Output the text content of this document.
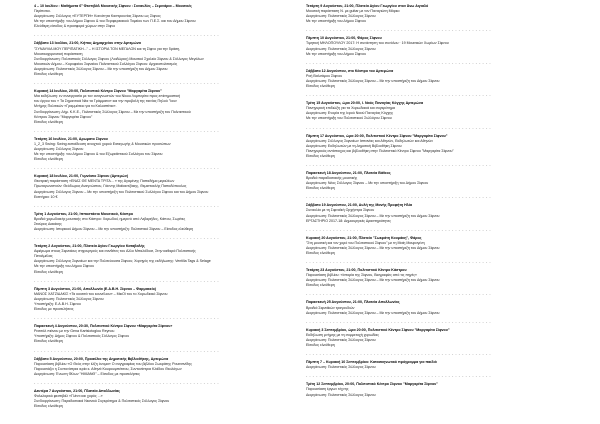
4 – 10 Ιουλίου : Μαθήματα 6° Φεστιβάλ Μουσικής Σίφνου : Συναυλίες – Σεμινάρια – Μουσικές
Περίπατοι.
Διοργάνωση: Σύλλογος «ΕΥΤΕΡΠΗ» Κοινότητα Καστρουνίας Σίφνου ως Σίφνος
Με την υποστήριξη: του Δήμου Σίφνου & του Περιφερειακού Ταμείου των Π.Ε.Σ. και του Δήμου Σίφνου
Ελεύθερη είσοδος & προσφορά χώρων στην Σίφνο
- - - - - - - - - - - - - - - - - - - - - - - - - - - - - - - - - - - - - - - - - - - - - - - - - - - - - - -
Σάββατο 13 Ιουλίου, 21:00, Κήπος Δημαρχείου στην Αρτεμώνα
"ΣΥΝΑΥΛΙΑ ΜΟΥ ΠΕΡΙΠΑΤΙΚΗ..." – Η ΙΣΤΟΡΙΑ ΤΟΝ ΜΕΓΑΛΟΝ και τη Σίφνο για την δράση,
Μουσικοχορευτική παράσταση
Συνδιοργάνωση: Πολιτιστικός Σύλλογος Σίφνου (Λοιδώρας) Μουσικό Σχολείο Σίφνου & Σύλλογος Μεγάλων
Μουσικών Δήμου – Κορυφαίου Σιφναίου Πολιτιστικού Συλλόγου Σίφνου: Αρχαιοπολιτισμός
Διοργάνωση: Πολιτιστικός Σύλλογος Σίφνου – Με την υποστήριξη του Δήμου Σίφνου
Είσοδος ελεύθερη
- - - - - - - - - - - - - - - - - - - - - - - - - - - - - - - - - - - - - - - - - - - - - - - - - - - - - - -
Κυριακή 14 Ιουλίου, 20:00, Πολιτιστικό Κέντρο Σίφνου "Μαργαρίτα Σίφνου"
Μια εκδήλωση: εν συνεργασία με τον αναγνωστών του Νίκου Λυμπερίτα προς επίσημοστική
του έργου του « Τα Σημαντικά Νέα τα Γράμματα» και την προβολή της ταινίας Πηλού "Ιουν
Μνήμης Πολιτικών «Γραμμάτειο για τα Καλοσπίτια».
Συνδιοργάνωση: Δήμ. Κ.Κ.Ε., Πολιτιστικός Σύλλογος Σίφνου – Με την υποστήριξη του Πολιτιστικού
Κέντρου Σίφνου "Μαργαρίτα Σίφνου"
Είσοδος ελεύθερη
- - - - - - - - - - - - - - - - - - - - - - - - - - - - - - - - - - - - - - - - - - - - - - - - - - - - - - -
Τετάρτη 16 Ιουλίου, 21:00, Αρωματο Σίφνου
1_2_3 Swing: Swing εκπαίδευση ανοιχτού χορού Εισαγωγής & Μουσικών προσώπων
Διοργάνωση: Σύλλογος Σίφνου
Με την υποστήριξη: του Δήμου Σίφνου & του Εξωραϊστικού Συλλόγου του Σίφνου
Είσοδος ελεύθερη
- - - - - - - - - - - - - - - - - - - - - - - - - - - - - - - - - - - - - - - - - - - - - - - - - - - - - - -
Κυριακή 18 Ιουλίου, 21:00, Γυμνάσιο Σίφνου (Αρτεμών)
Θεατρική παράσταση «ΕΝΑΣ ΘΕ ΜΕΝΤΑ ΤΡΙΤΑ... » της Αγαμένης Παπαδήμα μεραλέων
Πρωταγωνιστούν: Θεόδωρος Αναγνώστου, Γιάννης Μαϊκαντζάκης, Θεμιστοκλής Παπαδόπουλος
Διοργάνωση: Σύλλογος Σίφνου – Με την υποστήριξη του Πολιτιστικού Συλλόγου Σίφνου και του Δήμου Σίφνου
Εισιτήρια: 10 €
- - - - - - - - - - - - - - - - - - - - - - - - - - - - - - - - - - - - - - - - - - - - - - - - - - - - - - -
Τρίτη 1 Αυγούστου, 21:00, Ιπποστάσιο Μουσικού, Κάστρο
Βραδιά χορωδιακής μουσικής στο Κάστρο: Χορωδιοί, ημερινό από Λεβαρήδες, Κάπου, Σωρίτες
Σταύρος Δακάκης
Διοργάνωση: Ιστορικού Δήμου Σίφνου – Με την υποστήριξη: Πολιτιστικό Σίφνου – Είσοδος ελεύθερη
- - - - - - - - - - - - - - - - - - - - - - - - - - - - - - - - - - - - - - - - - - - - - - - - - - - - - - -
Τετάρτη 2 Αυγούστου, 21:00, Πλατεία Αγίου Γεωργίου Καταβαλής
Αφιέρωμα στους Σιφναίους στιχουργούς και συνθέτες του Αλλο Μπαλόδιοσ, Στην καθαρά Πολιτιστικής
Πεταλμέλας
Διοργάνωση: Σύλλογος Σιφναίων και την Πολιτεύουσα Σίφνου; Χορηγός της εκδήλωσης: Ventilia Tags & Selage
Με την υποστήριξη του Δήμου Σίφνου
Είσοδος ελεύθερη
- - - - - - - - - - - - - - - - - - - - - - - - - - - - - - - - - - - - - - - - - - - - - - - - - - - - - - -
Πέμπτη 3 Αυγούστου, 21:00, Απολλωνία (Ε.Α.Β.Η. Σίφνου – Φαρμακείο)
ΜΑΝΟΣ ΧΑΤΖΙΔΑΚΙΣ «Τα κουτσά του κουνέλιου» – ΜικΟί του το Χορωδιακό Σίφνου
Διοργάνωση: Πολιτιστικός Σύλλογος Σίφνου
Υποστήριξη: Ε.Α.Β.Η. Σίφνου
Είσοδος με προσκλήσεις
- - - - - - - - - - - - - - - - - - - - - - - - - - - - - - - - - - - - - - - - - - - - - - - - - - - - - - -
Παρασκευή 4 Αυγούστου, 20:30, Πολιτιστικό Κέντρο Σίφνου «Μαργαρίτα Σίφνου»
Ρεσιτάλ πιάνου με την Gena Kartsiotoglou Reynou
Υποστήριξη: Δήμος Σίφνου & Πολιτιστικός Σύλλογος Σίφνου
Είσοδος ελεύθερη
- - - - - - - - - - - - - - - - - - - - - - - - - - - - - - - - - - - - - - - - - - - - - - - - - - - - - - -
Σάββατο 5 Αυγούστου, 20:00, Προαύλιο της Δημοτικής Βιβλιοθήκης, Αρτεμώνα
Παρουσίαση βιβλίου «Ο Θεός στην έλξη όνομα» Ο συγγραφέας του βιβλίου Σωκράτης Ρουσσινίδης
Παρουσιάζει η Συντονίστρια ιερία κ. Αθηνά Κουρουμπέτσου, Συντονίστρια Κλάδου Θεολόγων
Διοργάνωση: Ένωση Φίλων "ΗΜΙΑΝΘ" – Είσοδος με προσκλήσεις
- - - - - - - - - - - - - - - - - - - - - - - - - - - - - - - - - - - - - - - - - - - - - - - - - - - - - - -
Δευτέρα 7 Αυγούστου, 21:00, Πλατεία Απολλωνίας
Φολκλορικό φεστιβάλ «Γλέντι και χορός ...»
Συνδιοργάνωση: Παραδοσιακά Νεανικό Συγκρότημα & Πολιτιστικός Σύλλογος Σίφνου
Είσοδος ελεύθερη
Τετάρτη 9 Αυγούστου, 21:00, Πλατεία Αγίου Γεωργίου στον Άνω Αιγιαλό
Μουσική παράσταση Ν. με guitar με τον Παναγιώτη Μάρκο
Διοργάνωση: Πολιτιστικός Σύλλογος Σίφνου
Με την υποστήριξη του Δήμου Σίφνου
- - - - - - - - - - - - - - - - - - - - - - - - - - - - - - - - - - - - - - - - - - - - - - - - - - - - - - -
Πέμπτη 10 Αυγούστου, 21:00, Φάρος Σίφνου
Τιμητική ΜΗΛΟΠΟΥΛΟΥ 2017: Η συνάντηση του συνόλου · 19 Μουσικών Χωρίων Σίφνου
Διοργάνωση: Πολιτιστικός Σύλλογος Σίφνου
Με την υποστήριξη του Δήμου Σίφνου
- - - - - - - - - - - - - - - - - - - - - - - - - - - - - - - - - - - - - - - - - - - - - - - - - - - - - - -
Σάββατο 12 Αυγούστου, στο Κάστρο του Αρτεμώνα
Ροή Βαλσάμου Σίφνου
Διοργάνωση: Πολιτιστικός Σύλλογος Σίφνου – Με την υποστήριξη του Δήμου Σίφνου
Είσοδος ελεύθερη
- - - - - - - - - - - - - - - - - - - - - - - - - - - - - - - - - - - - - - - - - - - - - - - - - - - - - - -
Τρίτη 15 Αυγούστου, ώρα 20:00, Ι. Ναός Παναγίας Κόγχης Αρτεμώνα
Πανηγυρική επιδιώξη για τα Χορωδιακά και συγκρότημα
Διοργάνωση: Ενορία της Ιερού Ναού Παναγίας Κόγχης
Με την υποστήριξη του Πολιτιστικού Συλλόγου Σίφνου
- - - - - - - - - - - - - - - - - - - - - - - - - - - - - - - - - - - - - - - - - - - - - - - - - - - - - - -
Πέμπτη 17 Αυγούστου, ώρα 20:00, Πολιτιστικό Κέντρο Σίφνου "Μαργαρίτα Σίφνου"
Διοργάνωση: Σύλλογος Σιφναίων Ισπανίας και Αθηνών, Εκδηλωτών και Αθηνών
Διοργάνωση: Εκδηλωτών με τη Δημοτική Βιβλιοθήκη Σίφνου
Πανηγυρικός αντίστοιχος και βιβλιοθήκη στην Πολιτιστικό Κέντρο Σίφνου "Μαργαρίτα Σίφνου"
Είσοδος ελεύθερη
- - - - - - - - - - - - - - - - - - - - - - - - - - - - - - - - - - - - - - - - - - - - - - - - - - - - - - -
Παρασκευή 18 Αυγούστου, 21:00, Πλατεία Βάθεος
Βραδιά παραδοσιακής μουσικής
Διοργάνωση: Νέος Σύλλογος Σίφνου – Με την υποστήριξη του Δήμου Σίφνου
Είσοδος ελεύθερη
- - - - - - - - - - - - - - - - - - - - - - - - - - - - - - - - - - - - - - - - - - - - - - - - - - - - - - -
Σάββατο 19 Αυγούστου, 21:00, Αυλή της Μονής Προφήτη Ηλία
Συναυλία με τη Σιφναϊκή Ορχήστρα Σίφνου
Διοργάνωση: Πολιτιστικός Σύλλογος Σίφνου – Με την υποστήριξη του Δήμου Σίφνου
ΕΡΓΑΣΤΗΡΙΟ 2017-18: Δημιουργικές Δραστηριότητες
- - - - - - - - - - - - - - - - - - - - - - - - - - - - - - - - - - - - - - - - - - - - - - - - - - - - - - -
Κυριακή 20 Αυγούστου, 21:00, Πλατεία "Σωκράτη Κουμάκη", Φάρος
"Στη μουσική και τον χορό του Πολιτιστικού Σίφνου" με τη Μαίη Μαυρογένη
Διοργάνωση: Πολιτιστικός Σύλλογος Σίφνου – Με την υποστήριξη του Δήμου Σίφνου
Είσοδος ελεύθερη
- - - - - - - - - - - - - - - - - - - - - - - - - - - - - - - - - - - - - - - - - - - - - - - - - - - - - - -
Τετάρτη 23 Αυγούστου, 21:00, Πολιτιστικό Κέντρο Κάστρου
Παρουσίαση βιβλίου: «Ιστορία της Σίφνου, Βιογραφίες από τις πηγές»
Διοργάνωση: Πολιτιστικός Σύλλογος Σίφνου – Με την υποστήριξη του Δήμου Σίφνου
Είσοδος ελεύθερη
- - - - - - - - - - - - - - - - - - - - - - - - - - - - - - - - - - - - - - - - - - - - - - - - - - - - - - -
Παρασκευή 25 Αυγούστου, 21:00, Πλατεία Απολλωνίας
Βραδιά Σιφναϊκών τραγουδιών
Διοργάνωση: Πολιτιστικός Σύλλογος Σίφνου – Με την υποστήριξη του Δήμου Σίφνου
- - - - - - - - - - - - - - - - - - - - - - - - - - - - - - - - - - - - - - - - - - - - - - - - - - - - - - -
Κυριακή 3 Σεπτεμβρίου, ώρα 20:00, Πολιτιστικό Κέντρο Σίφνου "Μαργαρίτα Σίφνου"
Εκδήλωση μνήμης με τη συμμετοχή χορωδίας
Διοργάνωση: Πολιτιστικός Σύλλογος Σίφνου
Είσοδος ελεύθερη
- - - - - - - - - - - - - - - - - - - - - - - - - - - - - - - - - - - - - - - - - - - - - - - - - - - - - - -
Πέμπτη 7 – Κυριακή 10 Σεπτεμβρίου: Κατασκηνωτικό πρόγραμμα για παιδιά
Διοργάνωση: Πολιτιστικός Σύλλογος Σίφνου
- - - - - - - - - - - - - - - - - - - - - - - - - - - - - - - - - - - - - - - - - - - - - - - - - - - - - - -
Τρίτη 12 Σεπτεμβρίου, 20:00, Πολιτιστικό Κέντρο Σίφνου "Μαργαρίτα Σίφνου"
Παρουσίαση έργων τέχνης
Διοργάνωση: Πολιτιστικός Σύλλογος Σίφνου
